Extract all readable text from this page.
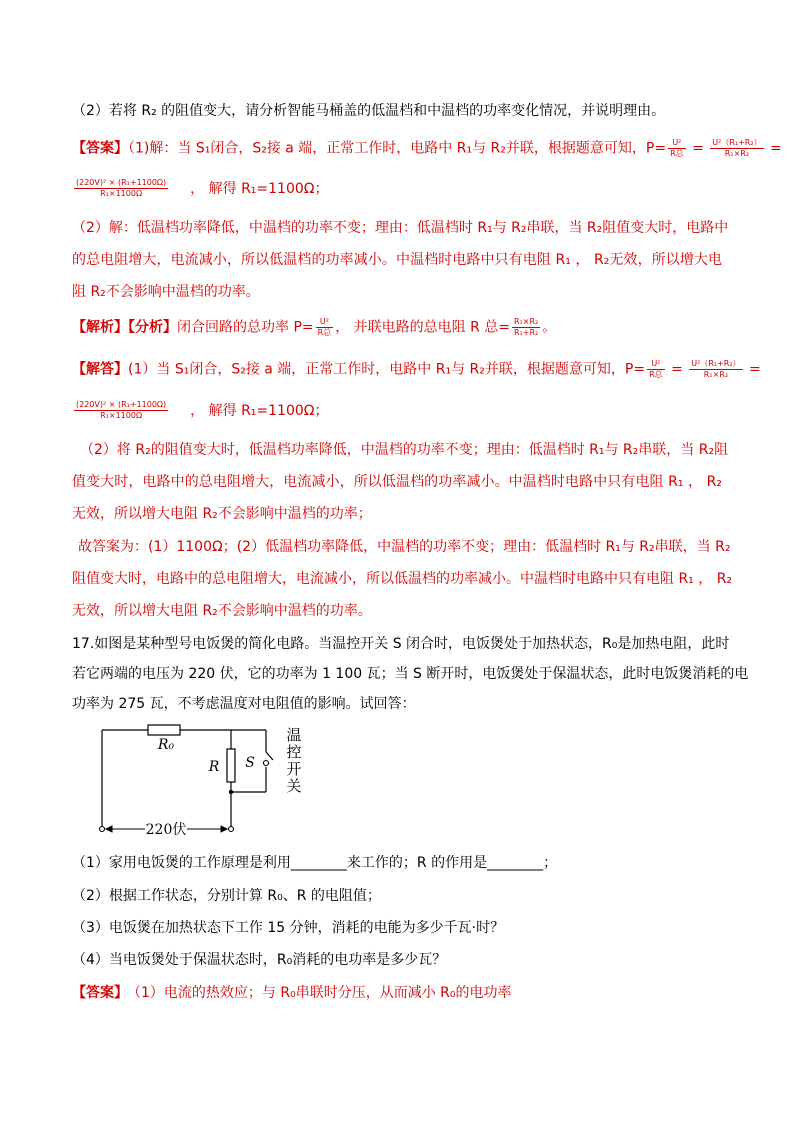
（2）若将 R₂ 的阻值变大，请分析智能马桶盖的低温档和中温档的功率变化情况，并说明理由。
【答案】（1)解：当 S₁闭合，S₂接 a 端，正常工作时，电路中 R₁与 R₂并联，根据题意可知，$P= \frac{\text{U²}}{\text{R总}} = \frac{\text{U²（R₁+R₂）}}{\text{R₁×R₂}}$ =
$\frac{\text{(220V)² × (R₁+1100Ω)}}{\text{R₁×1100Ω}}$ ， 解得 R₁=1100Ω；
（2）解：低温档功率降低，中温档的功率不变；理由：低温档时 R₁与 R₂串联，当 R₂阻值变大时，电路中
的总电阻增大，电流减小，所以低温档的功率减小。中温档时电路中只有电阻 R₁ ， R₂无效，所以增大电
阻 R₂不会影响中温档的功率。
【解析】【分析】闭合回路的总功率 $P= \frac{\text{U²}}{\text{R总}}$ ， 并联电路的总电阻 R 总= $\frac{\text{R₁×R₂}}{\text{R₁+R₂}}$ 。
【解答】(1）当 S₁闭合，S₂接 a 端，正常工作时，电路中 R₁与 R₂并联，根据题意可知，$P= \frac{\text{U²}}{\text{R总}} = \frac{\text{U²（R₁+R₂）}}{\text{R₁×R₂}}$ =
$\frac{\text{(220V)² × (R₁+1100Ω)}}{\text{R₁×1100Ω}}$ ， 解得 R₁=1100Ω；
（2）将 R₂的阻值变大时，低温档功率降低，中温档的功率不变；理由：低温档时 R₁与 R₂串联，当 R₂阻
值变大时，电路中的总电阻增大，电流减小，所以低温档的功率减小。中温档时电路中只有电阻 R₁ ， R₂
无效，所以增大电阻 R₂不会影响中温档的功率；
故答案为：(1）1100Ω；(2）低温档功率降低，中温档的功率不变；理由：低温档时 R₁与 R₂串联，当 R₂
阻值变大时，电路中的总电阻增大，电流减小，所以低温档的功率减小。中温档时电路中只有电阻 R₁ ， R₂
无效，所以增大电阻 R₂不会影响中温档的功率。
17.如图是某种型号电饭煲的简化电路。当温控开关 S 闭合时，电饭煲处于加热状态，R₀是加热电阻，此时
若它两端的电压为 220 伏，它的功率为 1 100 瓦；当 S 断开时，电饭煲处于保温状态，此时电饭煲消耗的电
功率为 275 瓦，不考虑温度对电阻值的影响。试回答：
220伏
R₀
R S
温
控
开
关
（1）家用电饭煲的工作原理是利用________来工作的；R 的作用是________；
（2）根据工作状态，分别计算 R₀、R 的电阻值；
（3）电饭煲在加热状态下工作 15 分钟，消耗的电能为多少千瓦·时？
（4）当电饭煲处于保温状态时，R₀消耗的电功率是多少瓦？
【答案】 （1）电流的热效应；与 R₀串联时分压，从而减小 R₀的电功率
